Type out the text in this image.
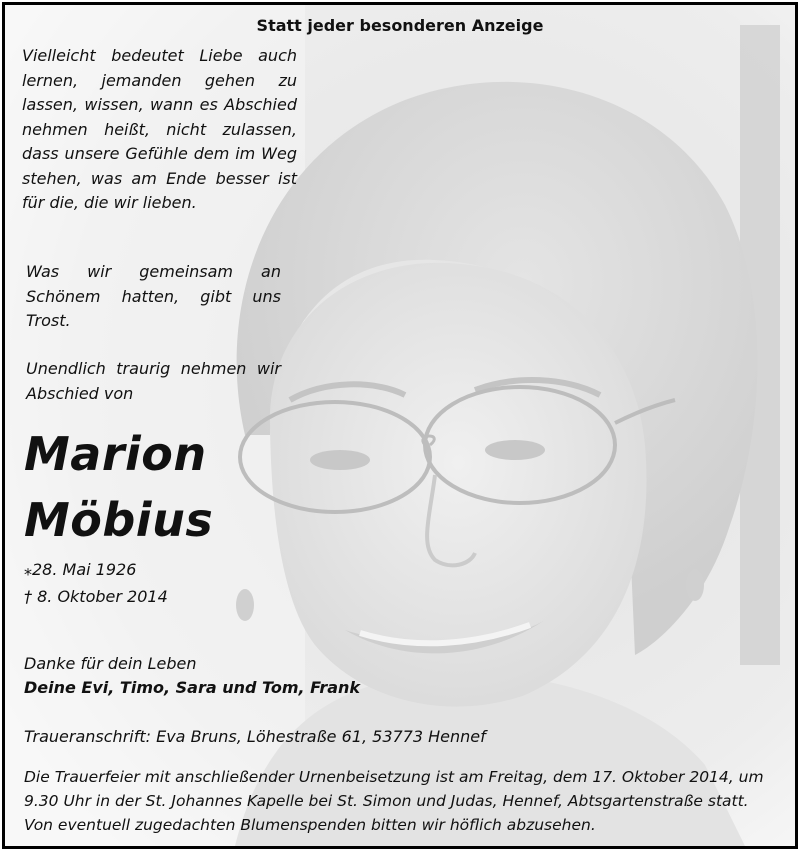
Statt jeder besonderen Anzeige

Vielleicht bedeutet Liebe auch lernen, jemanden gehen zu lassen, wissen, wann es Abschied nehmen heißt, nicht zulassen, dass unsere Gefühle dem im Weg stehen, was am Ende besser ist für die, die wir lieben.

Was wir gemeinsam an Schönem hatten, gibt uns Trost.

Unendlich traurig nehmen wir Abschied von

Marion

Möbius

⁎28. Mai 1926

† 8. Oktober 2014

Danke für dein Leben

Deine Evi, Timo, Sara und Tom, Frank

Traueranschrift: Eva Bruns, Löhestraße 61, 53773 Hennef

Die Trauerfeier mit anschließender Urnenbeisetzung ist am Freitag, dem 17. Oktober 2014, um

9.30 Uhr in der St. Johannes Kapelle bei St. Simon und Judas, Hennef, Abtsgartenstraße statt.

Von eventuell zugedachten Blumenspenden bitten wir höflich abzusehen.
